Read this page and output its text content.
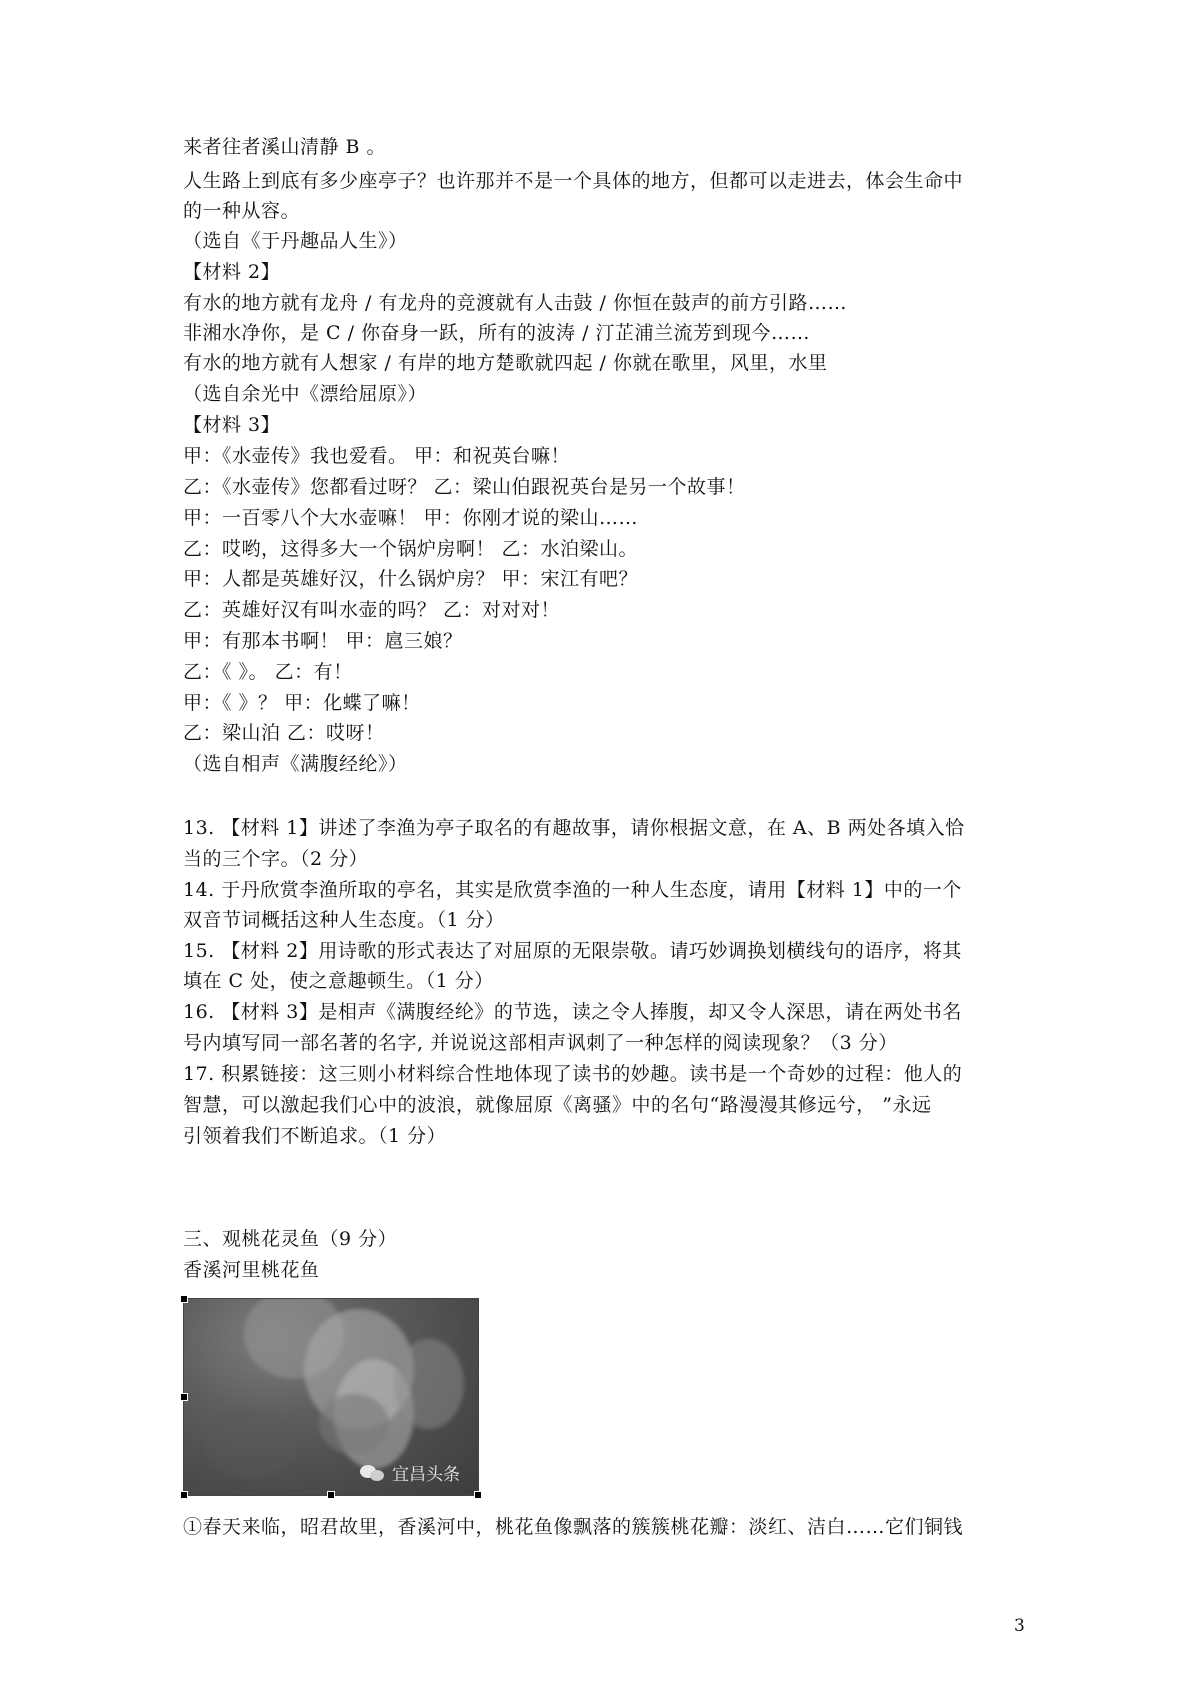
来者往者溪山清静 B 。
人生路上到底有多少座亭子？也许那并不是一个具体的地方，但都可以走进去，体会生命中
的一种从容。
（选自《于丹趣品人生》）
【材料 2】
有水的地方就有龙舟 / 有龙舟的竞渡就有人击鼓 / 你恒在鼓声的前方引路……
非湘水净你，是 C / 你奋身一跃，所有的波涛 / 汀芷浦兰流芳到现今……
有水的地方就有人想家 / 有岸的地方楚歌就四起 / 你就在歌里，风里，水里
（选自余光中《漂给屈原》）
【材料 3】
甲：《水壶传》我也爱看。 甲：和祝英台嘛！
乙：《水壶传》您都看过呀？ 乙：梁山伯跟祝英台是另一个故事！
甲：一百零八个大水壶嘛！ 甲：你刚才说的梁山……
乙：哎哟，这得多大一个锅炉房啊！ 乙：水泊梁山。
甲：人都是英雄好汉，什么锅炉房？ 甲：宋江有吧？
乙：英雄好汉有叫水壶的吗？ 乙：对对对！
甲：有那本书啊！ 甲：扈三娘？
乙：《 》。 乙：有！
甲：《 》？ 甲：化蝶了嘛！
乙：梁山泊 乙：哎呀！
（选自相声《满腹经纶》）
13. 【材料 1】讲述了李渔为亭子取名的有趣故事，请你根据文意，在 A、B 两处各填入恰
当的三个字。（2 分）
14. 于丹欣赏李渔所取的亭名，其实是欣赏李渔的一种人生态度，请用【材料 1】中的一个
双音节词概括这种人生态度。（1 分）
15. 【材料 2】用诗歌的形式表达了对屈原的无限崇敬。请巧妙调换划横线句的语序，将其
填在 C 处，使之意趣顿生。（1 分）
16. 【材料 3】是相声《满腹经纶》的节选，读之令人捧腹，却又令人深思，请在两处书名
号内填写同一部名著的名字, 并说说这部相声讽刺了一种怎样的阅读现象？（3 分）
17. 积累链接：这三则小材料综合性地体现了读书的妙趣。读书是一个奇妙的过程：他人的
智慧，可以激起我们心中的波浪，就像屈原《离骚》中的名句“路漫漫其修远兮， ”永远
引领着我们不断追求。（1 分）
三、观桃花灵鱼（9 分）
香溪河里桃花鱼
宜昌头条
①春天来临，昭君故里，香溪河中，桃花鱼像飘落的簇簇桃花瓣：淡红、洁白……它们铜钱
3
